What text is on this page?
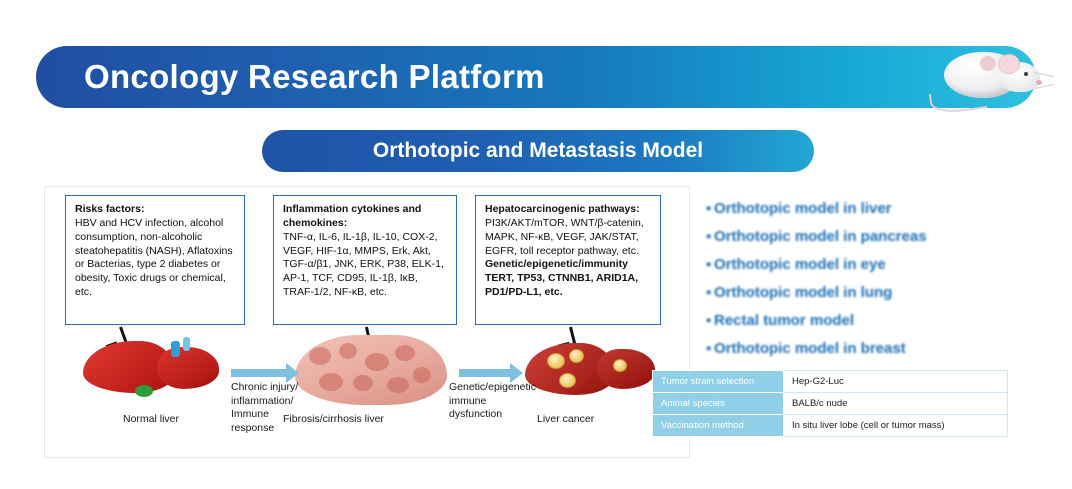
Oncology Research Platform
Orthotopic and Metastasis Model
Risks factors:
HBV and HCV infection, alcohol consumption, non-alcoholic steatohepatitis (NASH), Aflatoxins or Bacterias, type 2 diabetes or obesity, Toxic drugs or chemical, etc.
Inflammation cytokines and chemokines:
TNF-α, IL-6, IL-1β, IL-10, COX-2, VEGF, HIF-1α, MMPS, Erk, Akt, TGF-α/β1, JNK, ERK, P38, ELK-1, AP-1, TCF, CD95, IL-1β, IκB, TRAF-1/2, NF-κB, etc.
Hepatocarcinogenic pathways:
PI3K/AKT/mTOR, WNT/β-catenin, MAPK, NF-κB, VEGF, JAK/STAT, EGFR, toll receptor pathway, etc.
Genetic/epigenetic/immunity
TERT, TP53, CTNNB1, ARID1A, PD1/PD-L1, etc.
Normal liver	Fibrosis/cirrhosis liver	Liver cancer
Chronic injury/ inflammation/ Immune response
Genetic/epigenetic immune dysfunction
▪ Orthotopic model in liver
▪ Orthotopic model in pancreas
▪ Orthotopic model in eye
▪ Orthotopic model in lung
▪ Rectal tumor model
▪ Orthotopic model in breast
Tumor strain selection	Hep-G2-Luc
Animal species	BALB/c nude
Vaccination method	In situ liver lobe (cell or tumor mass)
